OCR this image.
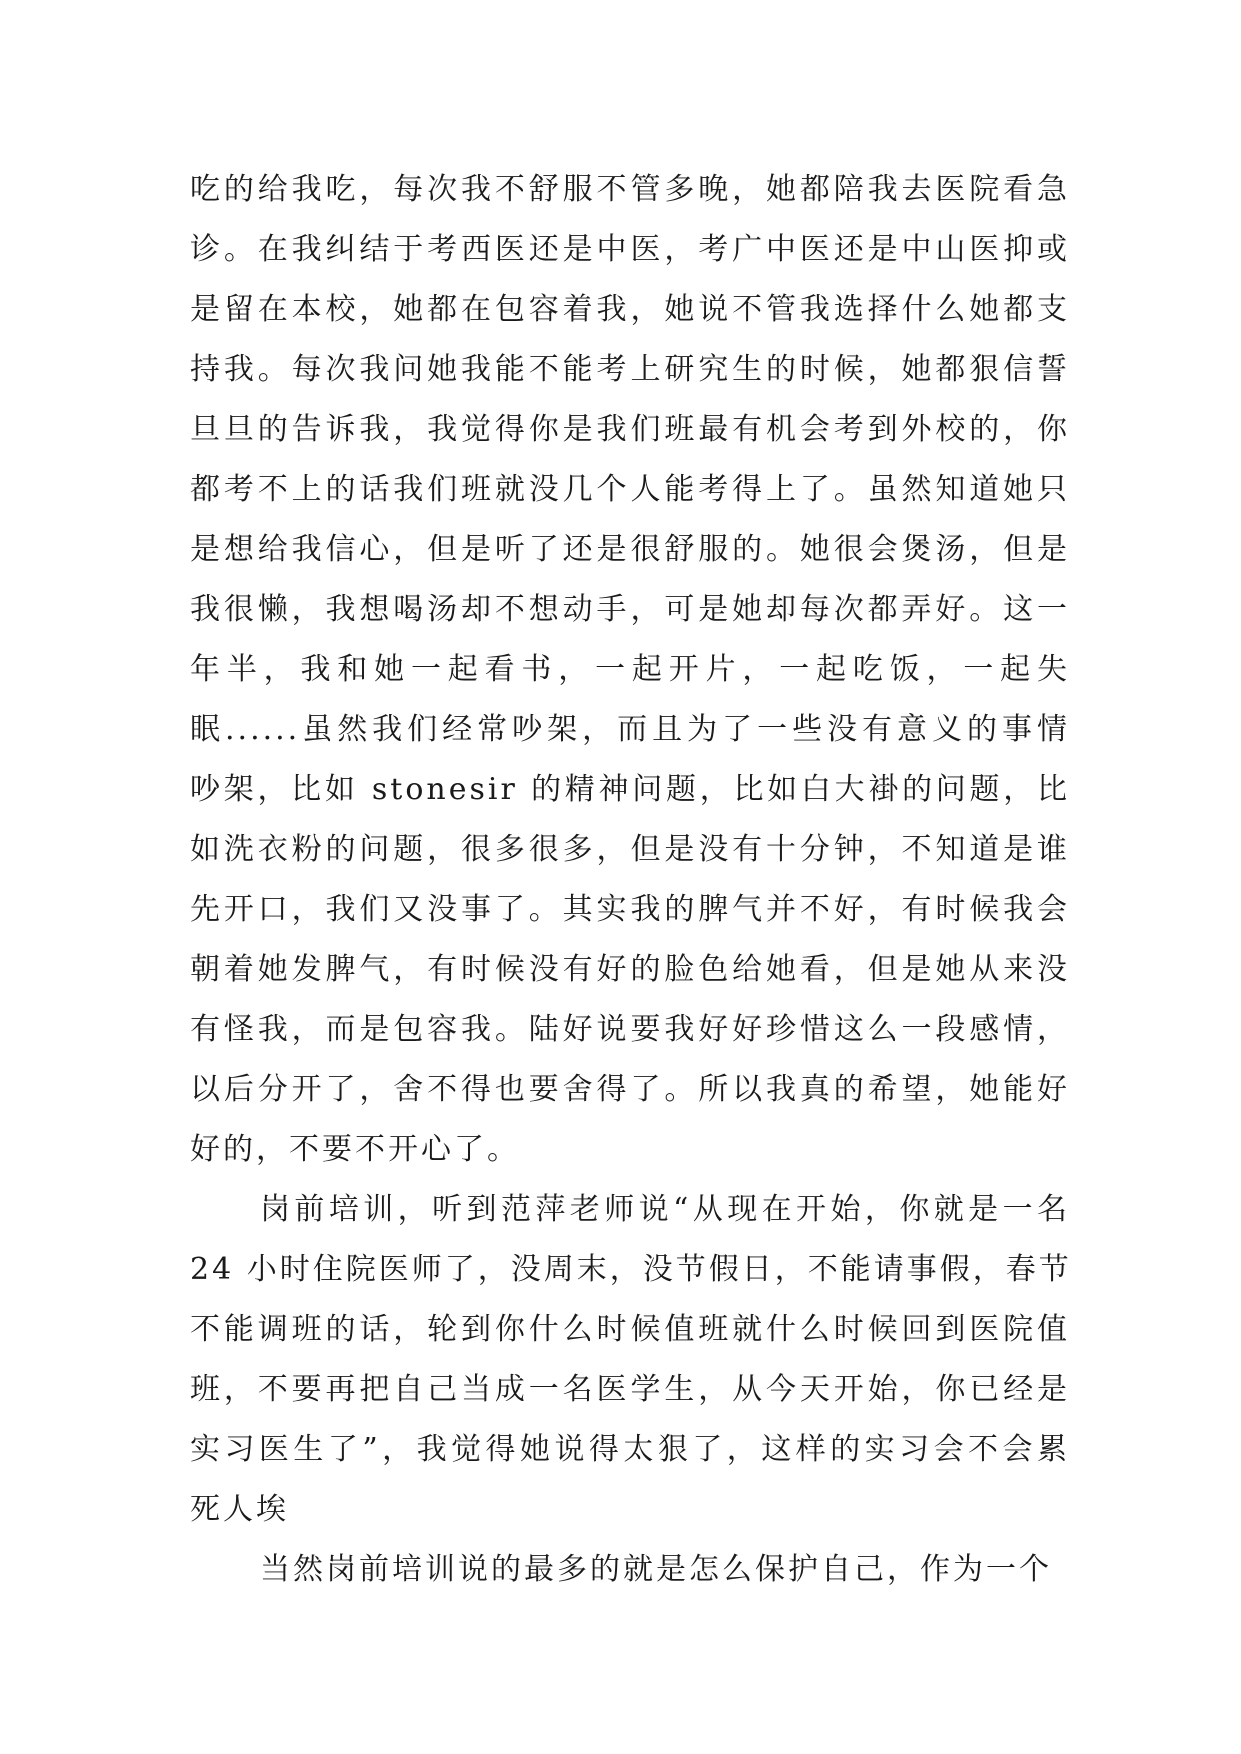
吃的给我吃，每次我不舒服不管多晚，她都陪我去医院看急
诊。在我纠结于考西医还是中医，考广中医还是中山医抑或
是留在本校，她都在包容着我，她说不管我选择什么她都支
持我。每次我问她我能不能考上研究生的时候，她都狠信誓
旦旦的告诉我，我觉得你是我们班最有机会考到外校的，你
都考不上的话我们班就没几个人能考得上了。虽然知道她只
是想给我信心，但是听了还是很舒服的。她很会煲汤，但是
我很懒，我想喝汤却不想动手，可是她却每次都弄好。这一
年半，我和她一起看书，一起开片，一起吃饭，一起失
眠......虽然我们经常吵架，而且为了一些没有意义的事情
吵架，比如 stonesir 的精神问题，比如白大褂的问题，比
如洗衣粉的问题，很多很多，但是没有十分钟，不知道是谁
先开口，我们又没事了。其实我的脾气并不好，有时候我会
朝着她发脾气，有时候没有好的脸色给她看，但是她从来没
有怪我，而是包容我。陆好说要我好好珍惜这么一段感情，
以后分开了，舍不得也要舍得了。所以我真的希望，她能好
好的，不要不开心了。
岗前培训，听到范萍老师说“从现在开始，你就是一名
24 小时住院医师了，没周末，没节假日，不能请事假，春节
不能调班的话，轮到你什么时候值班就什么时候回到医院值
班，不要再把自己当成一名医学生，从今天开始，你已经是
实习医生了”，我觉得她说得太狠了，这样的实习会不会累
死人埃
当然岗前培训说的最多的就是怎么保护自己，作为一个
